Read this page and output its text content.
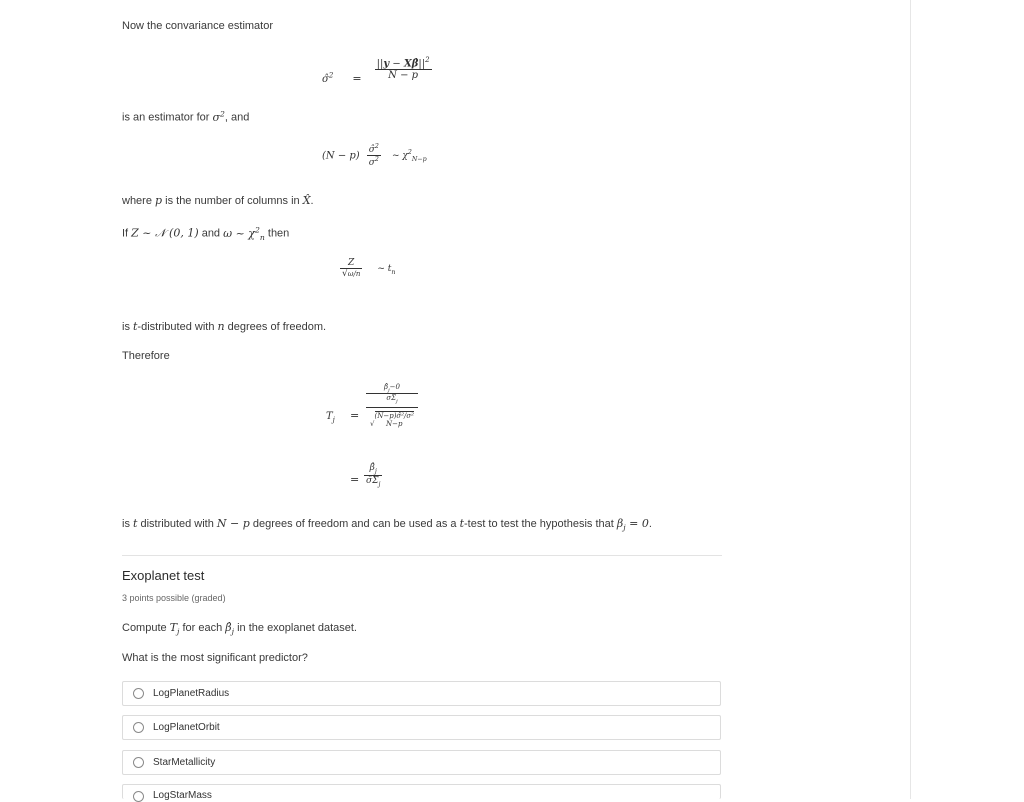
Now the convariance estimator
σ̂$^2$ = $\frac{||y - X\betâ||^2}{N - p}$
is an estimator for $\sigma^2$, and
$(N - p) \frac{\sigmâ^2}{\sigma^2}$ ~ $\chi^2_{N-p}$
where p is the number of columns in X̂.
If Z ~ 𝒩 (0, 1) and ω ~ $\chi^2_n$ then
$\frac{Z}{√\omega/n}$ ~ $t_n$
is t-distributed with n degrees of freedom.
Therefore
$T_j$ =
$\betâ_j-0$
$\sigma\Sigma_j$
√(N−p)σ̂²/σ²
N−p
= $\frac{\betâ_j}{\sigmâ\Sigma_j}$
is t distributed with N − p degrees of freedom and can be used as a t-test to test the hypothesis that $\beta_j = 0$.
Exoplanet test
3 points possible (graded)
Compute $T_j$ for each $\betâ_j$ in the exoplanet dataset.
What is the most significant predictor?
LogPlanetRadius
LogPlanetOrbit
StarMetallicity
LogStarMass
